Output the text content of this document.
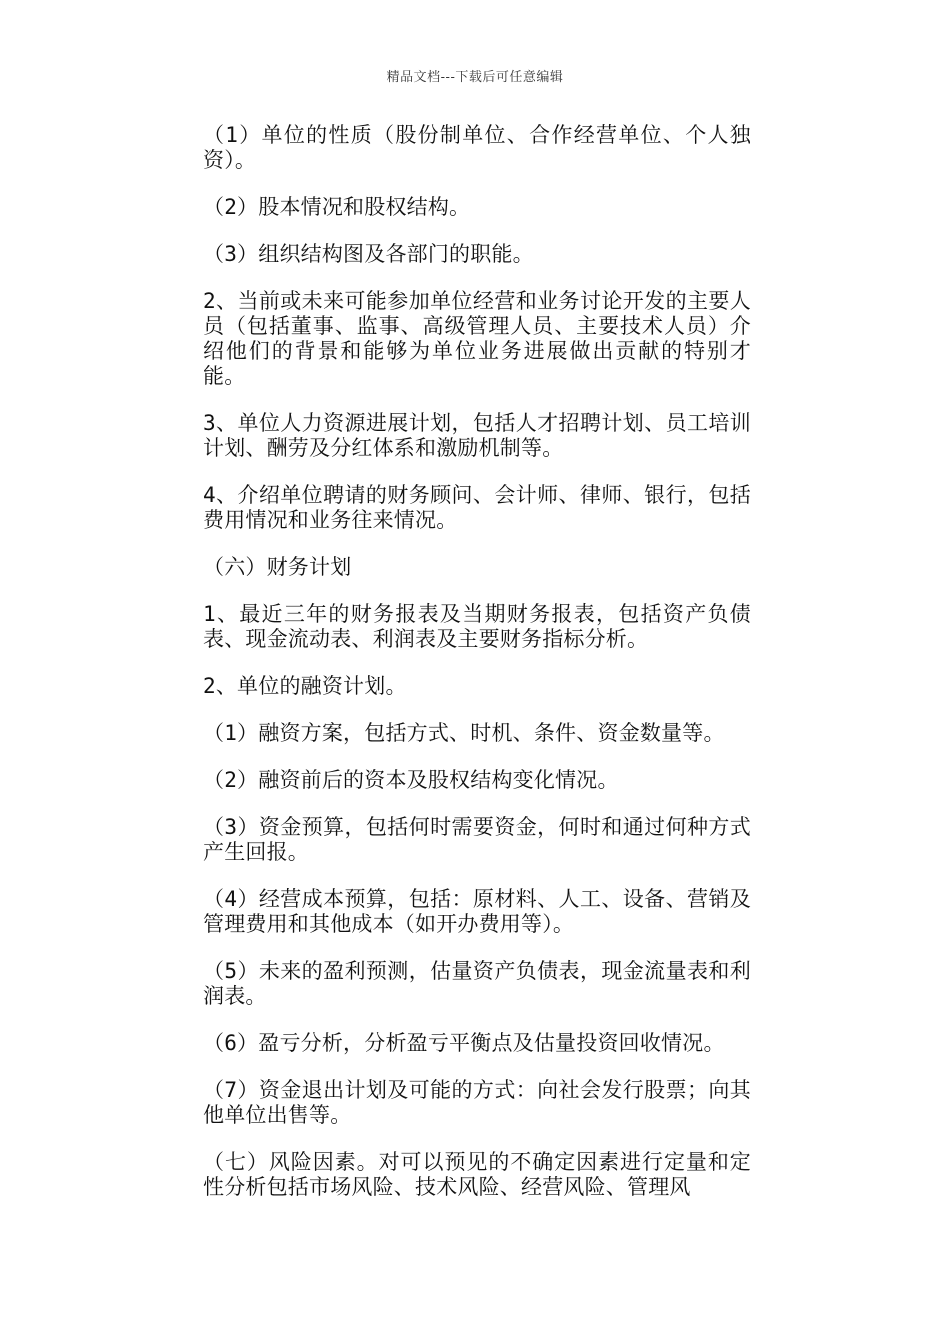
精品文档---下载后可任意编辑

（1）单位的性质（股份制单位、合作经营单位、个人独资）。

（2）股本情况和股权结构。

（3）组织结构图及各部门的职能。

2、当前或未来可能参加单位经营和业务讨论开发的主要人员（包括董事、监事、高级管理人员、主要技术人员）介绍他们的背景和能够为单位业务进展做出贡献的特别才能。

3、单位人力资源进展计划，包括人才招聘计划、员工培训计划、酬劳及分红体系和激励机制等。

4、介绍单位聘请的财务顾问、会计师、律师、银行，包括费用情况和业务往来情况。

（六）财务计划

1、最近三年的财务报表及当期财务报表，包括资产负债表、现金流动表、利润表及主要财务指标分析。

2、单位的融资计划。

（1）融资方案，包括方式、时机、条件、资金数量等。

（2）融资前后的资本及股权结构变化情况。

（3）资金预算，包括何时需要资金，何时和通过何种方式产生回报。

（4）经营成本预算，包括：原材料、人工、设备、营销及管理费用和其他成本（如开办费用等）。

（5）未来的盈利预测，估量资产负债表，现金流量表和利润表。

（6）盈亏分析，分析盈亏平衡点及估量投资回收情况。

（7）资金退出计划及可能的方式：向社会发行股票；向其他单位出售等。

（七）风险因素。对可以预见的不确定因素进行定量和定性分析包括市场风险、技术风险、经营风险、管理风
